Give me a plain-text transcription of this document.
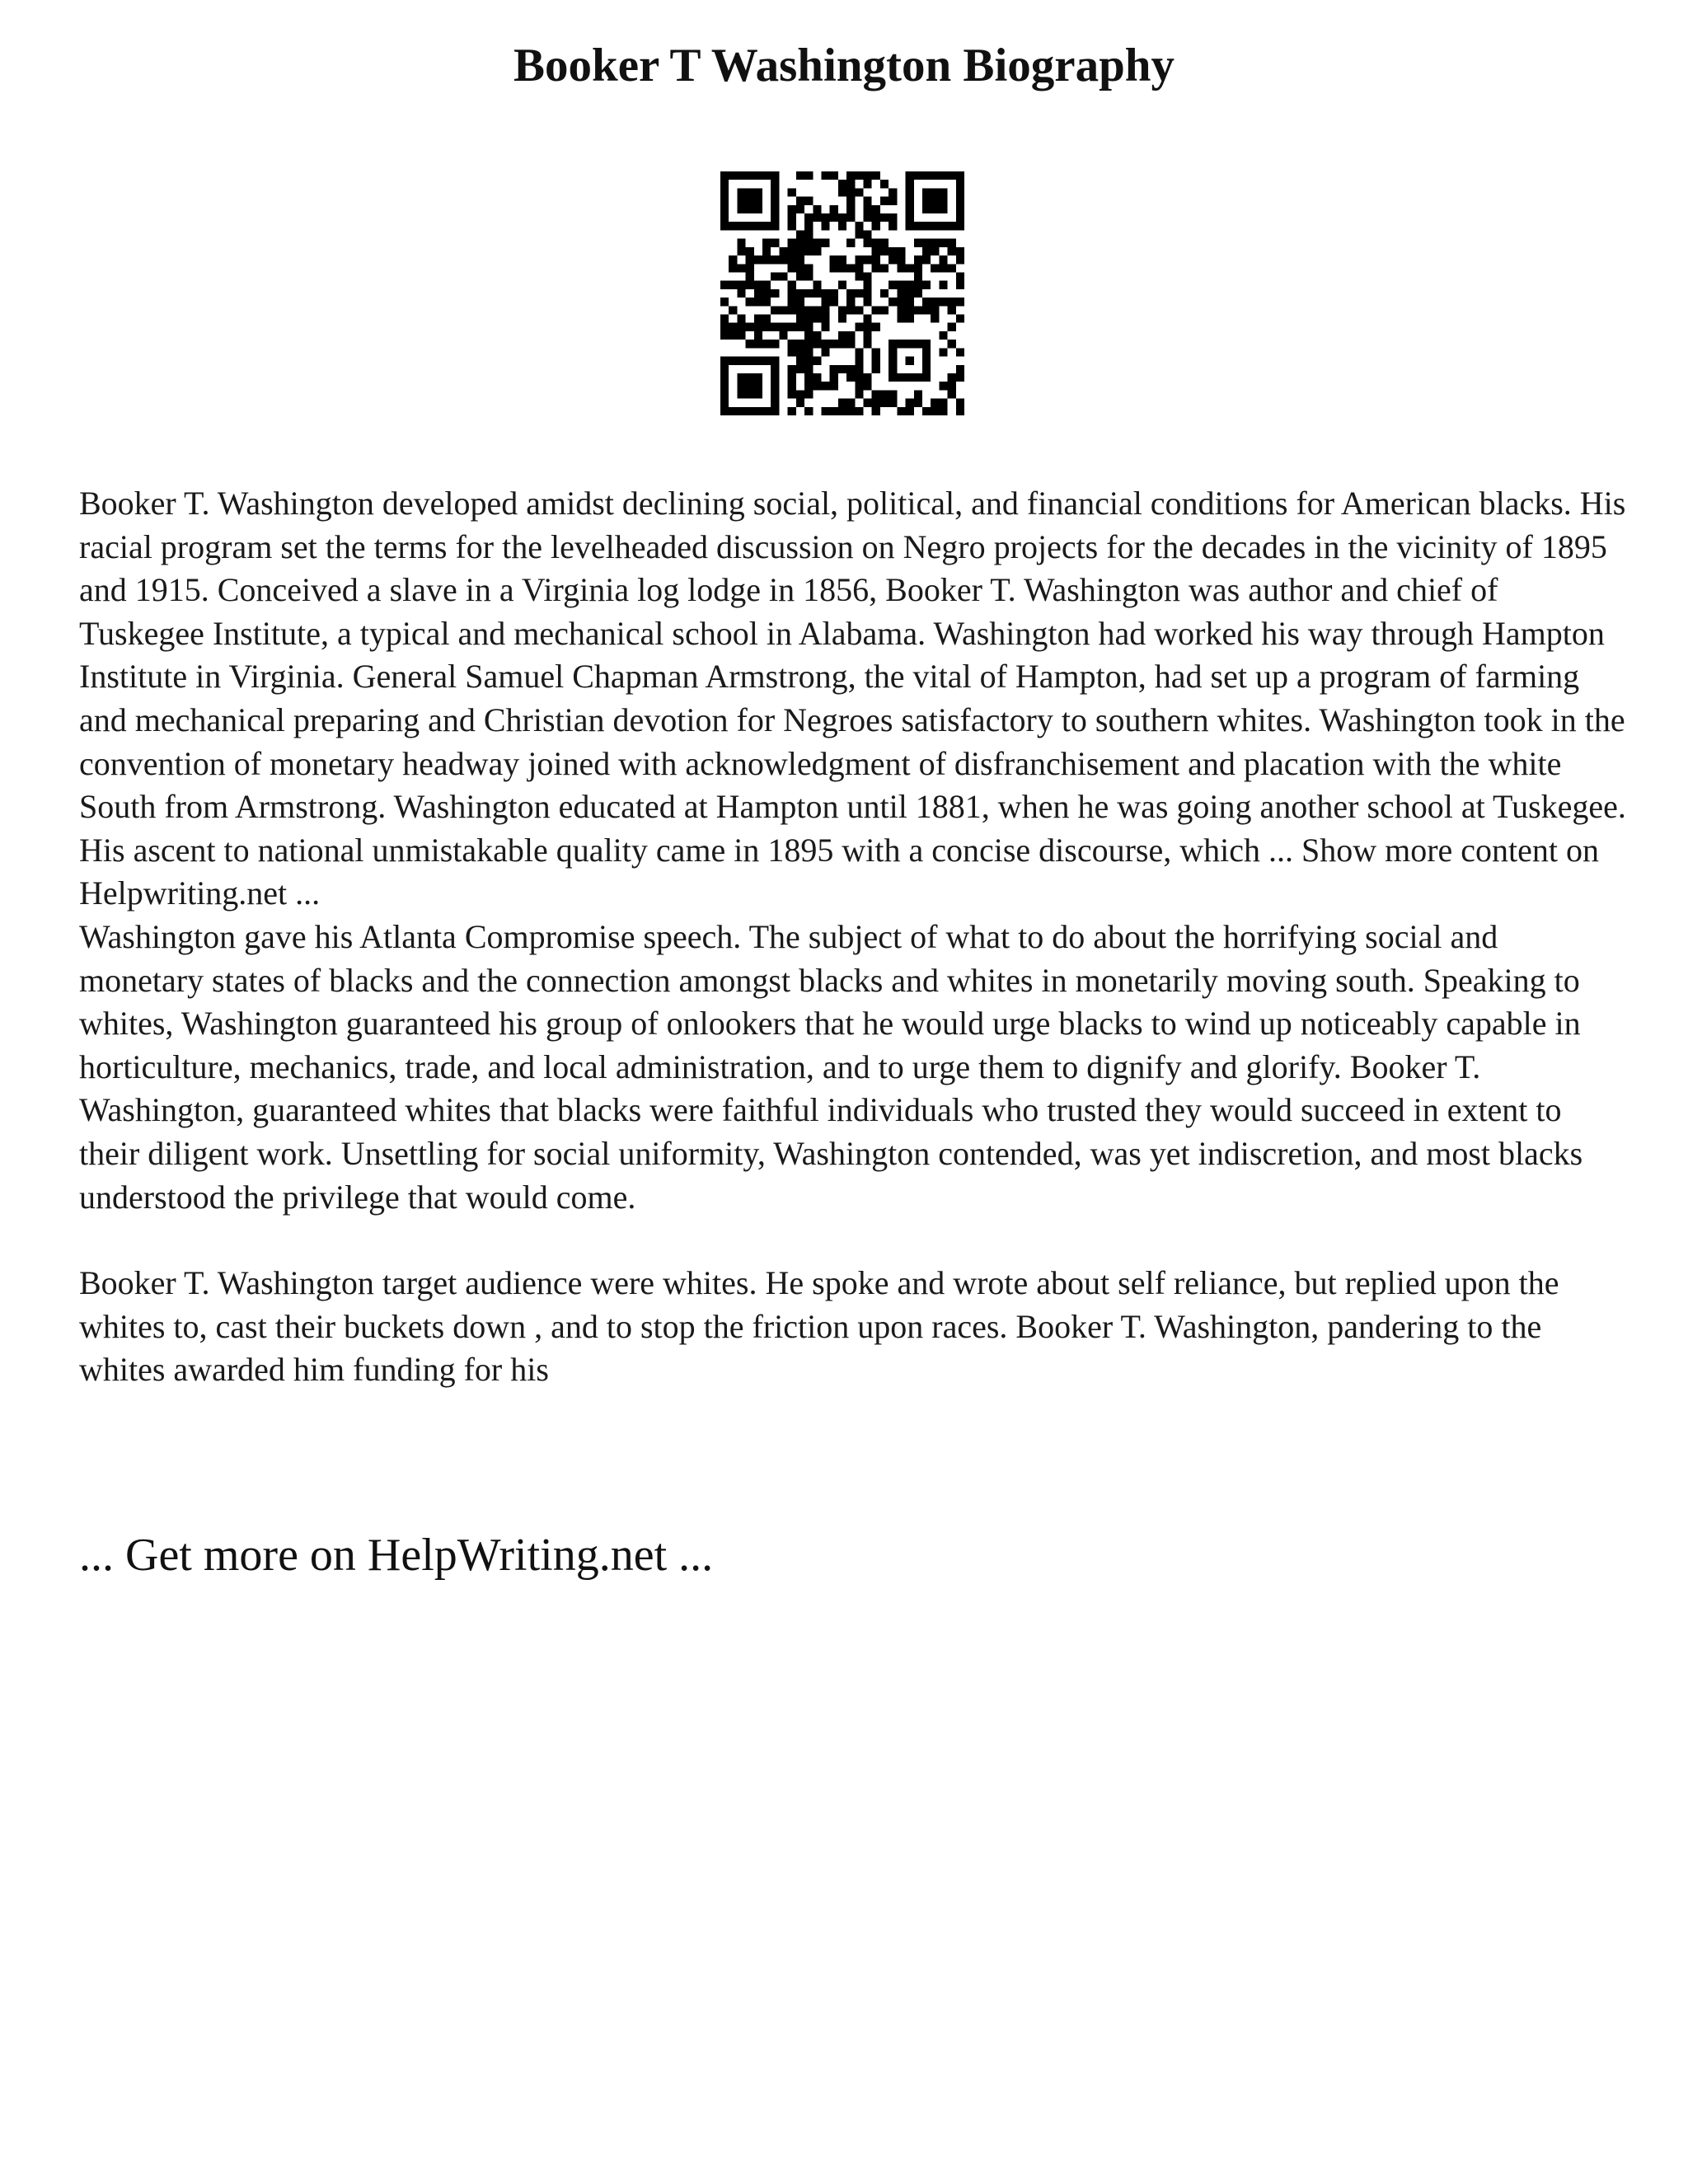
Booker T Washington Biography

Booker T. Washington developed amidst declining social, political, and financial conditions for American blacks. His racial program set the terms for the levelheaded discussion on Negro projects for the decades in the vicinity of 1895 and 1915. Conceived a slave in a Virginia log lodge in 1856, Booker T. Washington was author and chief of Tuskegee Institute, a typical and mechanical school in Alabama. Washington had worked his way through Hampton Institute in Virginia. General Samuel Chapman Armstrong, the vital of Hampton, had set up a program of farming and mechanical preparing and Christian devotion for Negroes satisfactory to southern whites. Washington took in the convention of monetary headway joined with acknowledgment of disfranchisement and placation with the white South from Armstrong. Washington educated at Hampton until 1881, when he was going another school at Tuskegee. His ascent to national unmistakable quality came in 1895 with a concise discourse, which ... Show more content on Helpwriting.net ...

Washington gave his Atlanta Compromise speech. The subject of what to do about the horrifying social and monetary states of blacks and the connection amongst blacks and whites in monetarily moving south. Speaking to whites, Washington guaranteed his group of onlookers that he would urge blacks to wind up noticeably capable in horticulture, mechanics, trade, and local administration, and to urge them to dignify and glorify. Booker T. Washington, guaranteed whites that blacks were faithful individuals who trusted they would succeed in extent to their diligent work. Unsettling for social uniformity, Washington contended, was yet indiscretion, and most blacks understood the privilege that would come.

Booker T. Washington target audience were whites. He spoke and wrote about self reliance, but replied upon the whites to, cast their buckets down , and to stop the friction upon races. Booker T. Washington, pandering to the whites awarded him funding for his

... Get more on HelpWriting.net ...
